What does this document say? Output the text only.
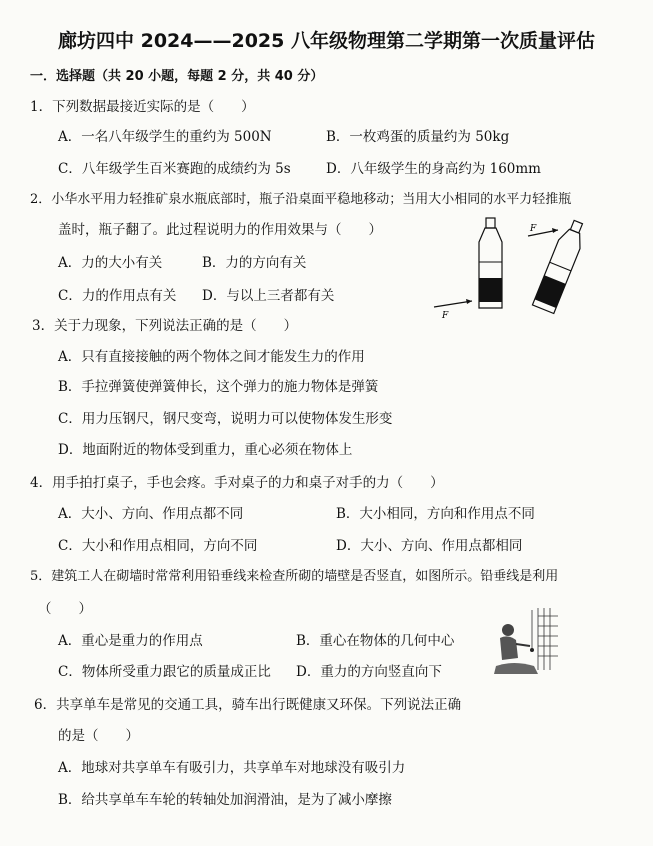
廊坊四中 2024——2025 八年级物理第二学期第一次质量评估
一．选择题（共 20 小题，每题 2 分，共 40 分）
1．下列数据最接近实际的是（　　）
A．一名八年级学生的重约为 500N	B．一枚鸡蛋的质量约为 50kg
C．八年级学生百米赛跑的成绩约为 5s	D．八年级学生的身高约为 160mm
2．小华水平用力轻推矿泉水瓶底部时，瓶子沿桌面平稳地移动；当用大小相同的水平力轻推瓶
盖时，瓶子翻了。此过程说明力的作用效果与（　　）
A．力的大小有关	B．力的方向有关
C．力的作用点有关 D．与以上三者都有关
F
F
3．关于力现象，下列说法正确的是（　　）
A．只有直接接触的两个物体之间才能发生力的作用
B．手拉弹簧使弹簧伸长，这个弹力的施力物体是弹簧
C．用力压钢尺，钢尺变弯，说明力可以使物体发生形变
D．地面附近的物体受到重力，重心必须在物体上
4．用手拍打桌子，手也会疼。手对桌子的力和桌子对手的力（　　）
A．大小、方向、作用点都不同	B．大小相同，方向和作用点不同
C．大小和作用点相同，方向不同	D．大小、方向、作用点都相同
5．建筑工人在砌墙时常常利用铅垂线来检查所砌的墙壁是否竖直，如图所示。铅垂线是利用
（　　）
A．重心是重力的作用点	B．重心在物体的几何中心
C．物体所受重力跟它的质量成正比 D．重力的方向竖直向下
6．共享单车是常见的交通工具，骑车出行既健康又环保。下列说法正确
的是（　　）
A．地球对共享单车有吸引力，共享单车对地球没有吸引力
B．给共享单车车轮的转轴处加润滑油，是为了减小摩擦
